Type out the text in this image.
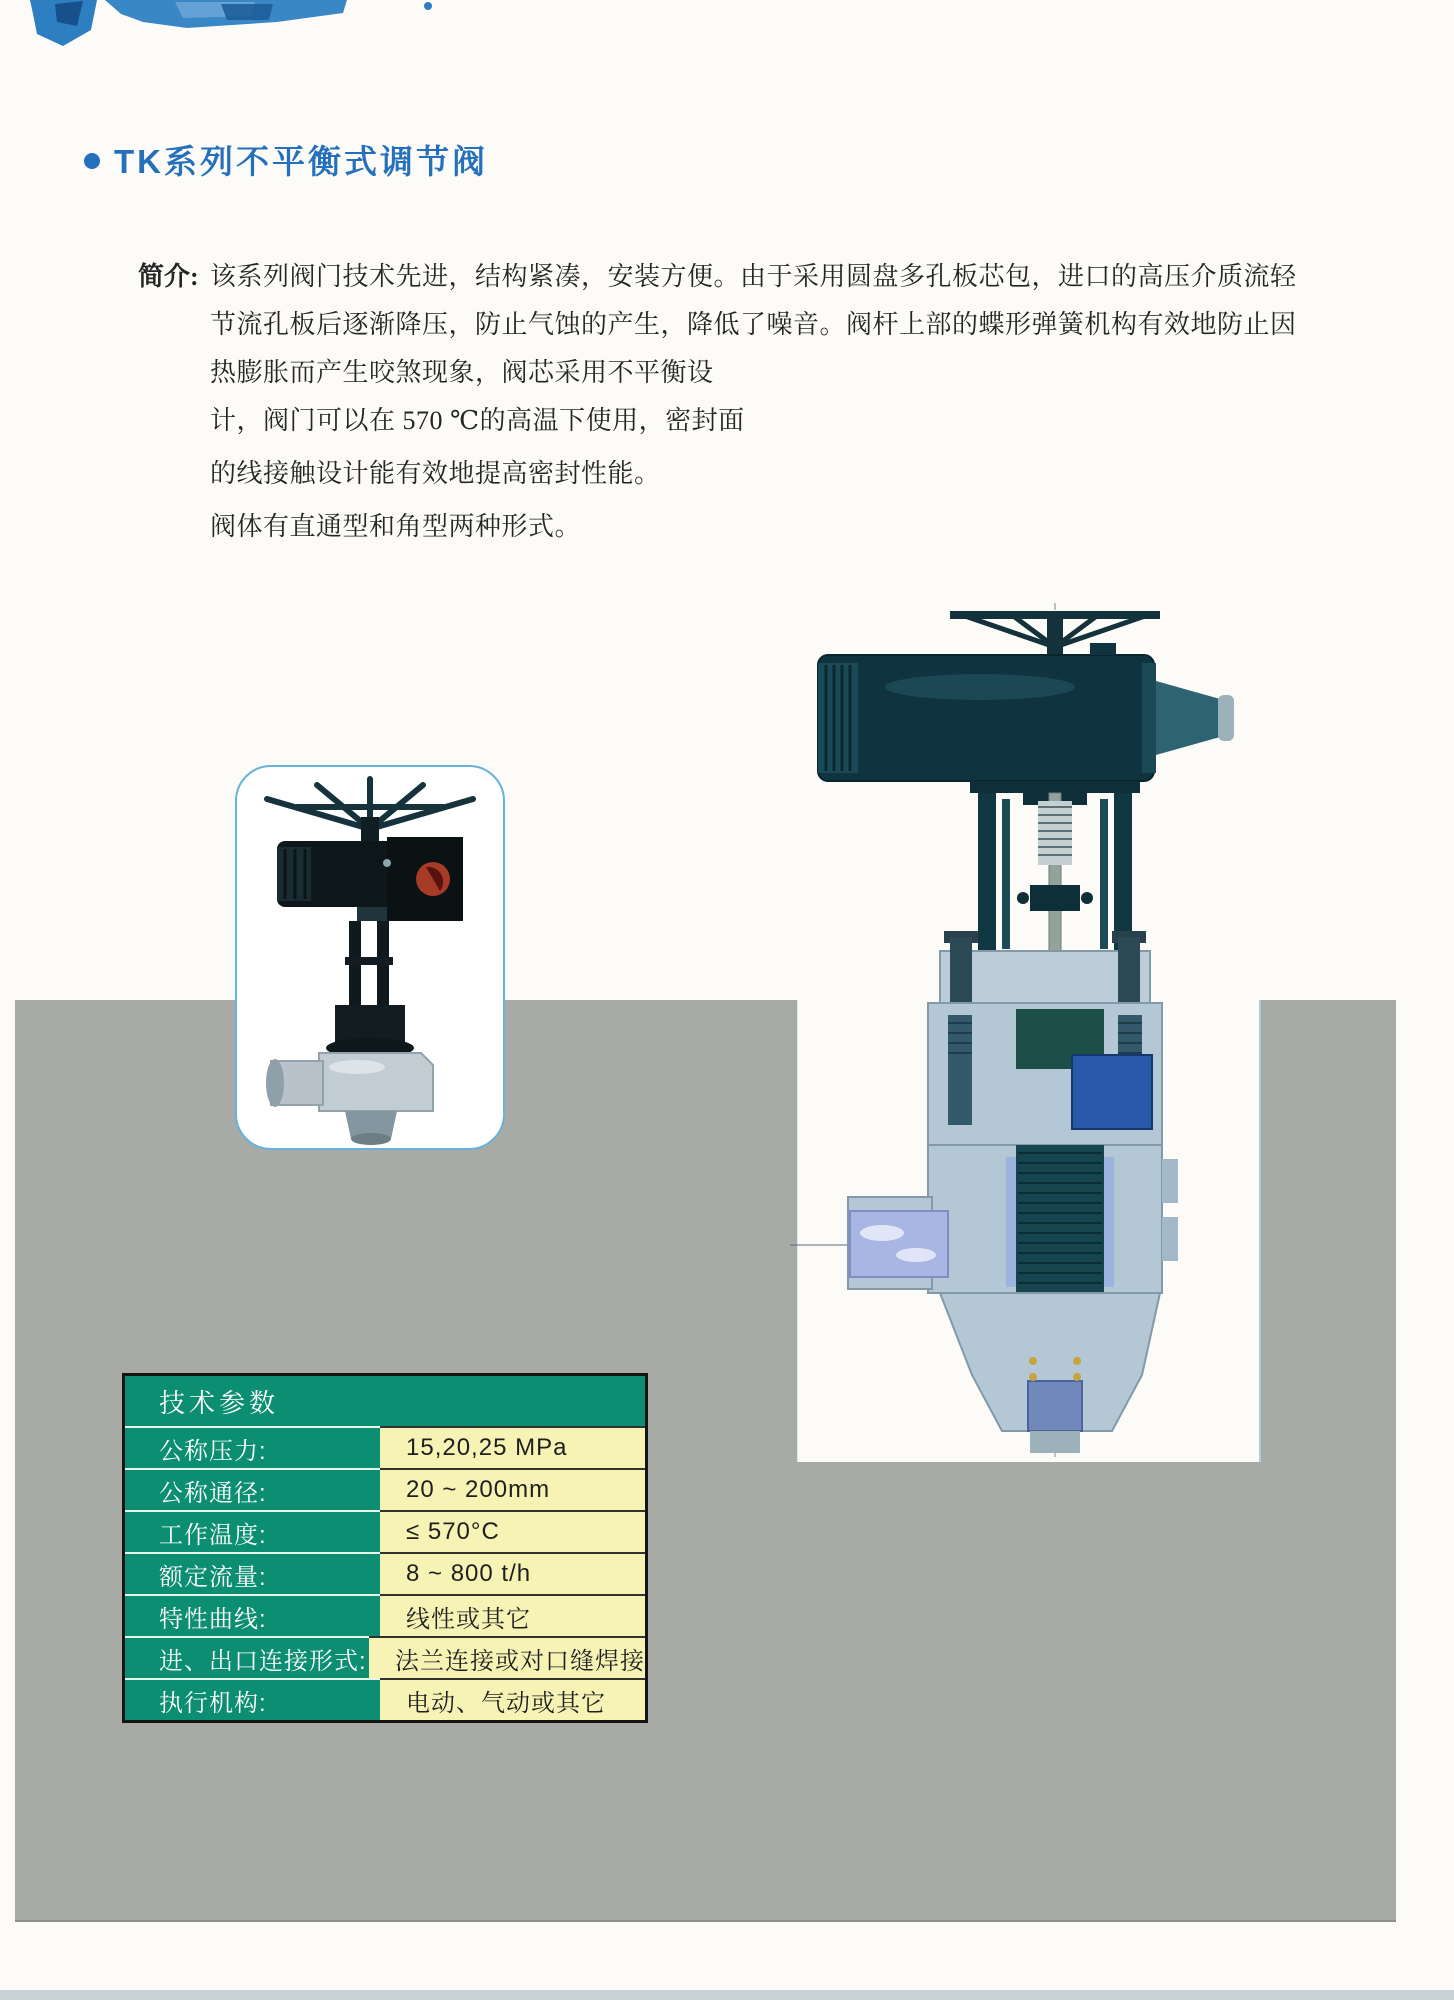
TK系列不平衡式调节阀
简介: 该系列阀门技术先进，结构紧凑，安装方便。由于采用圆盘多孔板芯包，进口的高压介质流轻
节流孔板后逐渐降压，防止气蚀的产生，降低了噪音。阀杆上部的蝶形弹簧机构有效地防止因
热膨胀而产生咬煞现象，阀芯采用不平衡设
计，阀门可以在 570 ℃的高温下使用，密封面
的线接触设计能有效地提高密封性能。
阀体有直通型和角型两种形式。
技术参数
公称压力:	15,20,25 MPa
公称通径:	20 ~ 200mm
工作温度:	≤ 570°C
额定流量:	8 ~ 800 t/h
特性曲线:	线性或其它
进、出口连接形式:	法兰连接或对口缝焊接
执行机构:	电动、气动或其它
